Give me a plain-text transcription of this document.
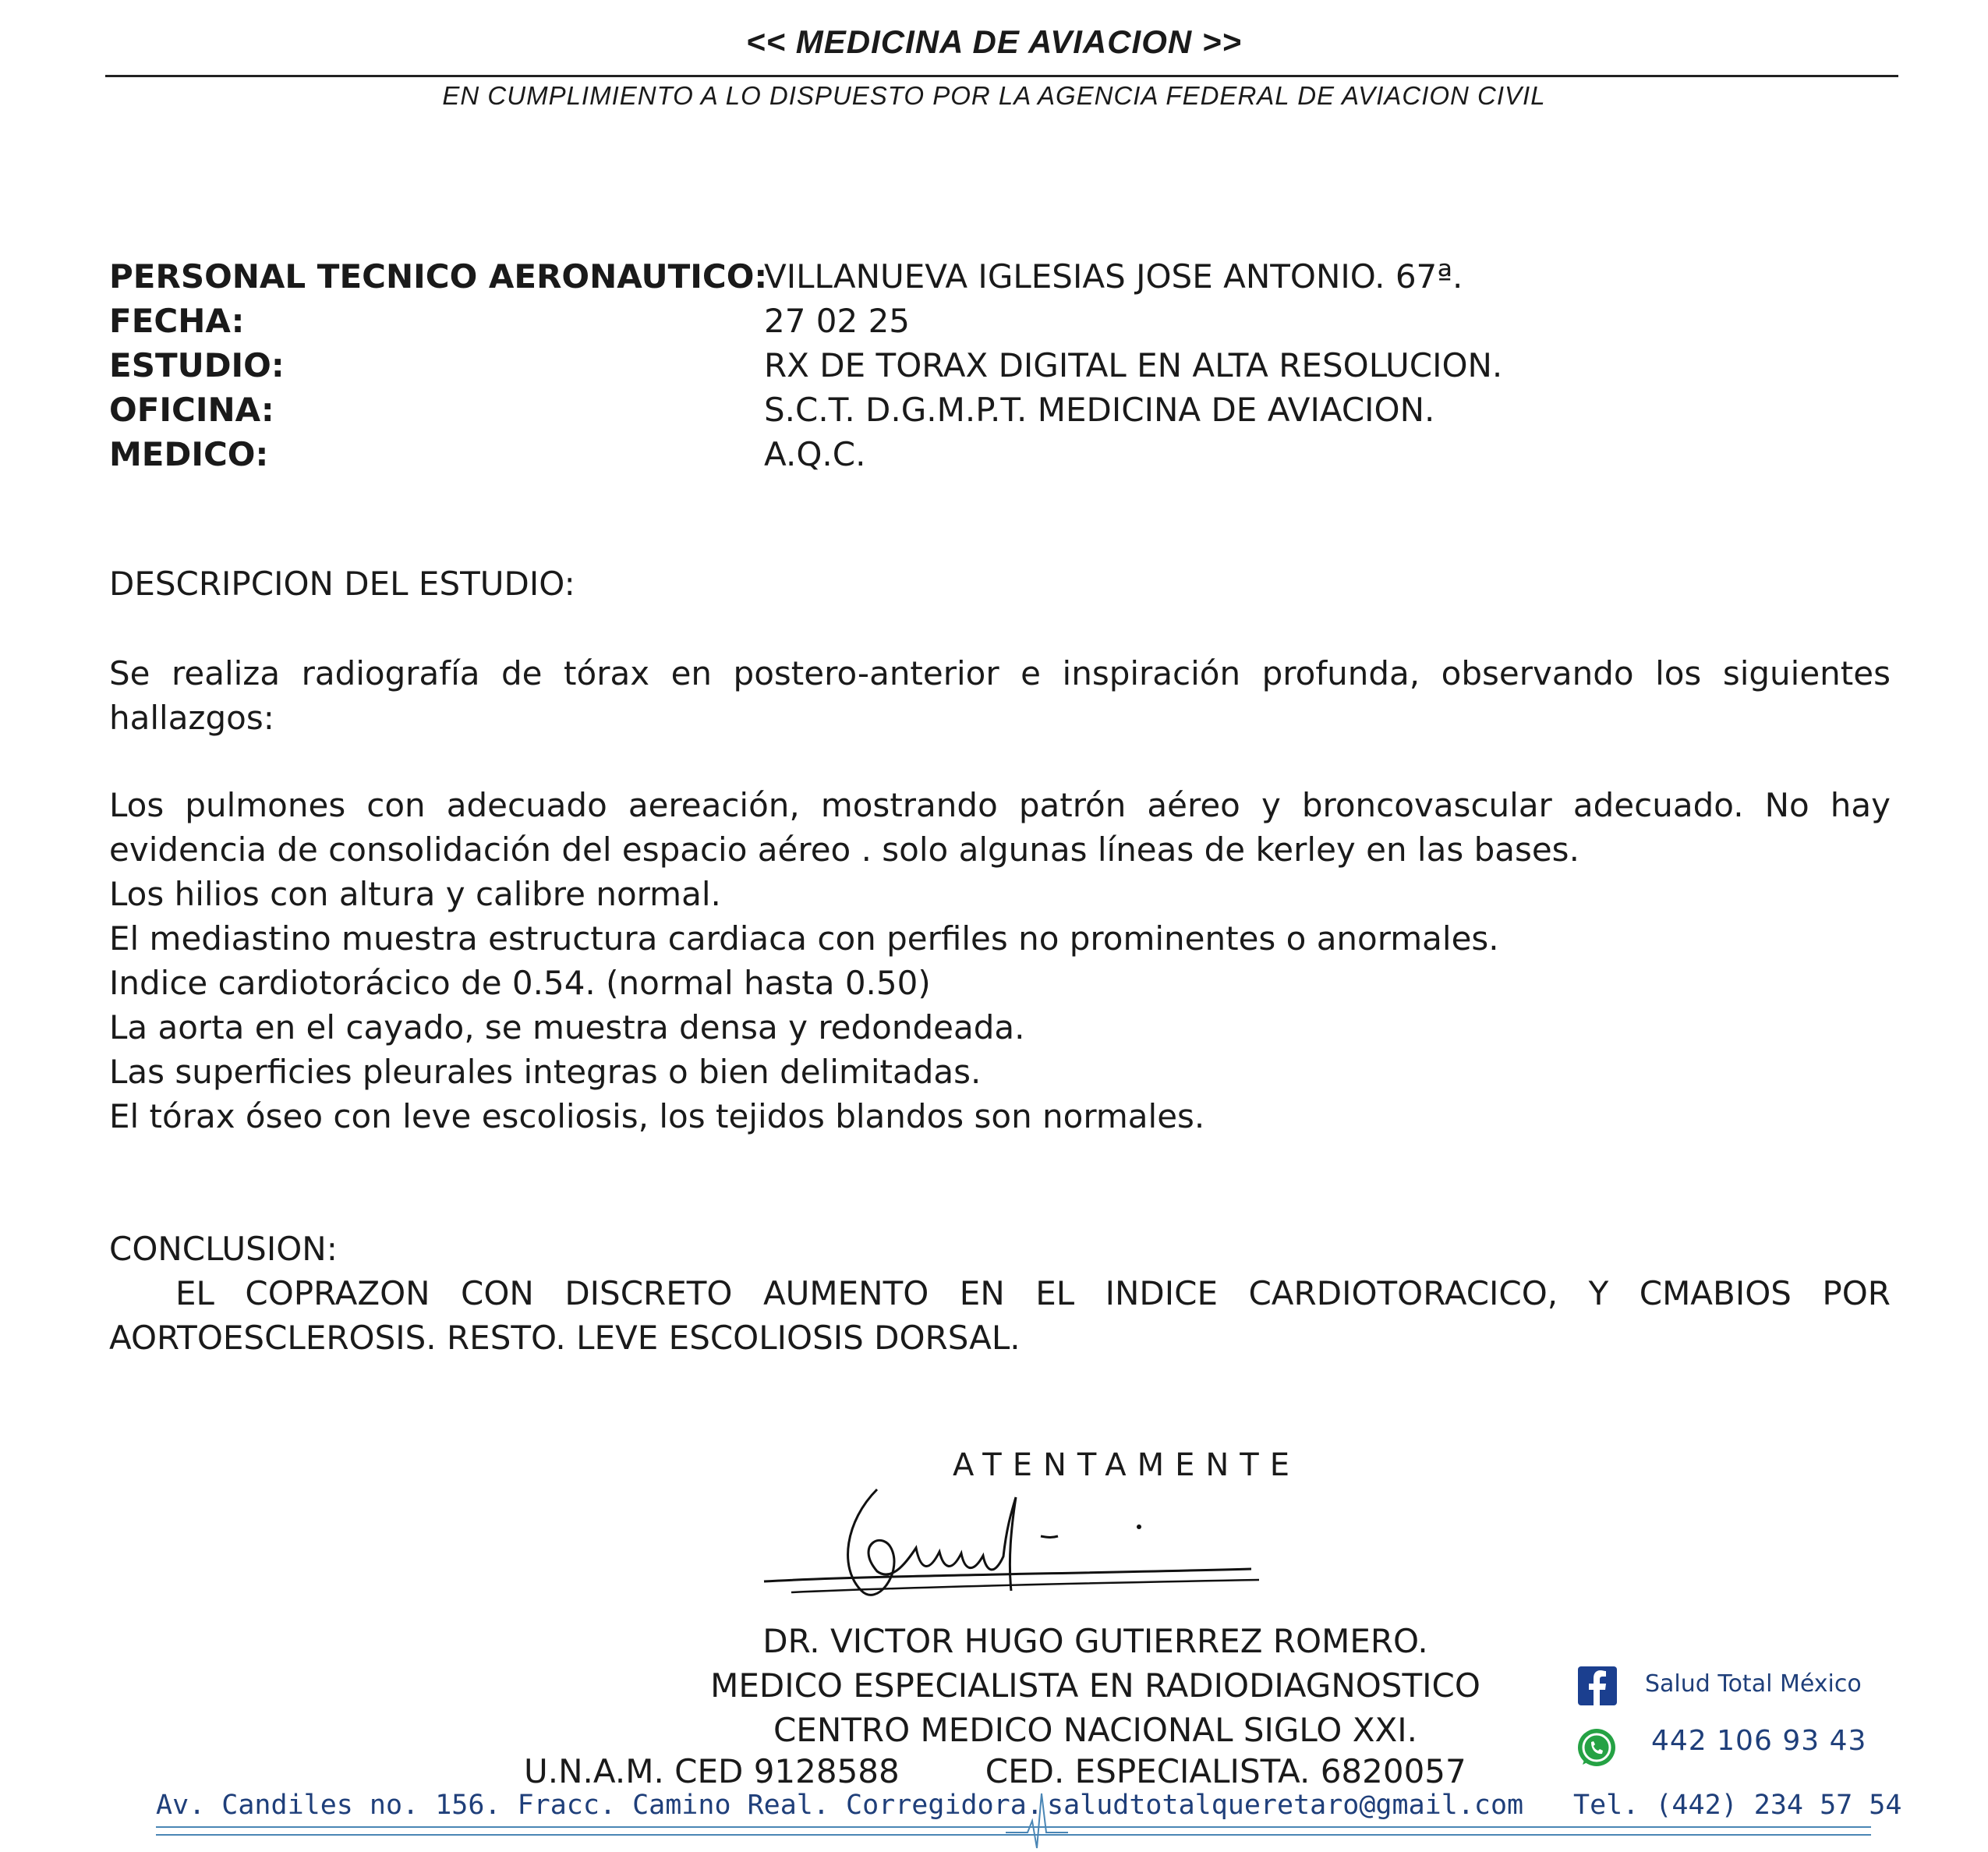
<< MEDICINA DE AVIACION >>
EN CUMPLIMIENTO A LO DISPUESTO POR LA AGENCIA FEDERAL DE AVIACION CIVIL
PERSONAL TECNICO AERONAUTICO:
VILLANUEVA IGLESIAS JOSE ANTONIO. 67ª.
FECHA:	27 02 25
ESTUDIO:	RX DE TORAX DIGITAL EN ALTA RESOLUCION.
OFICINA:	S.C.T. D.G.M.P.T. MEDICINA DE AVIACION.
MEDICO:	A.Q.C.
DESCRIPCION DEL ESTUDIO:
Se realiza radiografía de tórax en postero-anterior e inspiración profunda, observando los siguientes hallazgos:
Los pulmones con adecuado aereación, mostrando patrón aéreo y broncovascular adecuado. No hay evidencia de consolidación del espacio aéreo . solo algunas líneas de kerley en las bases.
Los hilios con altura y calibre normal.
El mediastino muestra estructura cardiaca con perfiles no prominentes o anormales.
Indice cardiotorácico de 0.54. (normal hasta 0.50)
La aorta en el cayado, se muestra densa y redondeada.
Las superficies pleurales integras o bien delimitadas.
El tórax óseo con leve escoliosis, los tejidos blandos son normales.
CONCLUSION:
EL COPRAZON CON DISCRETO AUMENTO EN EL INDICE CARDIOTORACICO, Y CMABIOS POR AORTOESCLEROSIS. RESTO. LEVE ESCOLIOSIS DORSAL.
ATENTAMENTE
DR. VICTOR HUGO GUTIERREZ ROMERO.
MEDICO ESPECIALISTA EN RADIODIAGNOSTICO
CENTRO MEDICO NACIONAL SIGLO XXI.
U.N.A.M. CED 9128588	CED. ESPECIALISTA. 6820057
Salud Total México
442 106 93 43
Av. Candiles no. 156. Fracc. Camino Real. Corregidora. saludtotalqueretaro@gmail.com Tel. (442) 234 57 54
